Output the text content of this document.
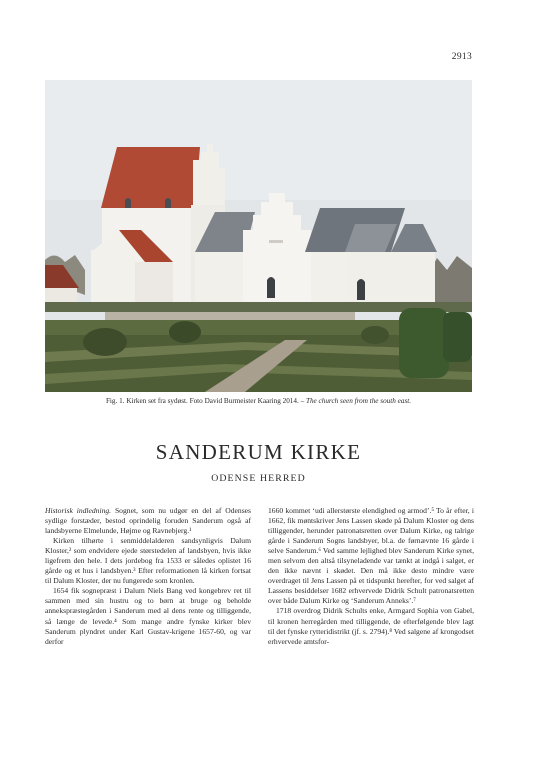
2913
Fig. 1. Kirken set fra sydøst. Foto David Burmeister Kaaring 2014. – The church seen from the south east.
SANDERUM KIRKE
ODENSE HERRED

Historisk indledning. Sognet, som nu udgør en del af Odenses sydlige forstæder, bestod oprindelig foruden Sanderum også af landsbyerne Elmelunde, Højme og Ravnebjerg.¹

Kirken tilhørte i senmiddelalderen sandsynligvis Dalum Kloster,² som endvidere ejede størstedelen af landsbyen, hvis ikke ligefrem den hele. I dets jordebog fra 1533 er således oplistet 16 gårde og et hus i landsbyen.³ Efter reformationen lå kirken fortsat til Dalum Kloster, der nu fungerede som kronlen.

1654 fik sognepræst i Dalum Niels Bang ved kongebrev ret til sammen med sin hustru og to børn at bruge og beholde annekspræstegården i Sanderum med al dens rente og tilliggende, så længe de levede.⁴ Som mange andre fynske kirker blev Sanderum plyndret under Karl Gustav-krigene 1657-60, og var derfor

1660 kommet ‘udi allerstørste elendighed og armod’.⁵ To år efter, i 1662, fik møntskriver Jens Lassen skøde på Dalum Kloster og dens tilliggender, herunder patronatsretten over Dalum Kirke, og talrige gårde i Sanderum Sogns landsbyer, bl.a. de førnævnte 16 gårde i selve Sanderum.⁶ Ved samme lejlighed blev Sanderum Kirke synet, men selvom den altså tilsyneladende var tænkt at indgå i salget, er den ikke nævnt i skødet. Den må ikke desto mindre være overdraget til Jens Lassen på et tidspunkt herefter, for ved salget af Lassens besiddelser 1682 erhvervede Didrik Schult patronatsretten over både Dalum Kirke og ‘Sanderum Anneks’.⁷

1718 overdrog Didrik Schults enke, Armgard Sophia von Gabel, til kronen herregården med tilliggende, de efterfølgende blev lagt til det fynske rytteridistrikt (jf. s. 2794).⁸ Ved salgene af krongodset erhvervede amtsfor-
